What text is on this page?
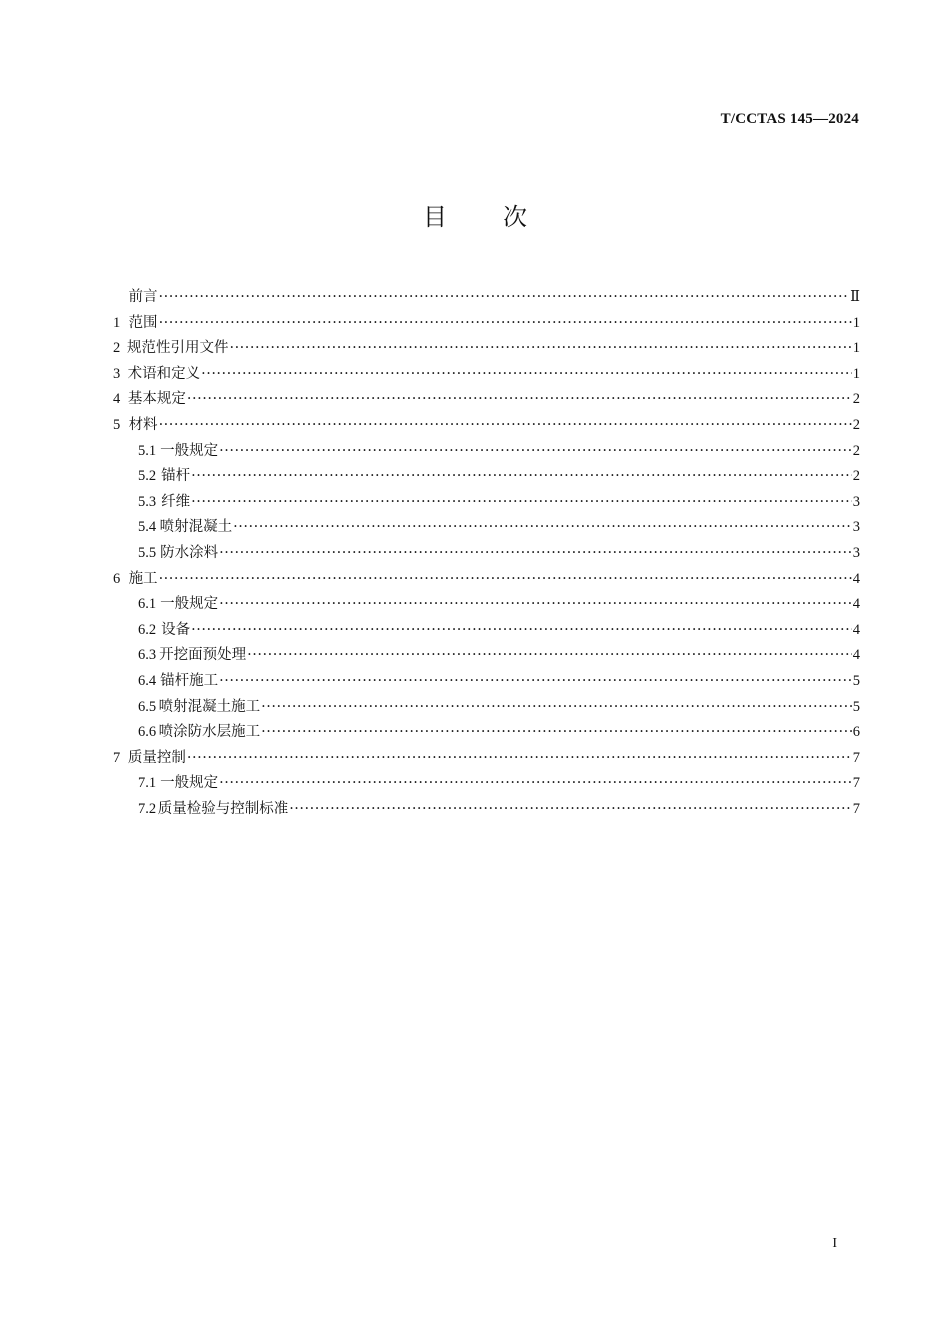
T/CCTAS 145—2024
目 次
前言 ·····	Ⅱ
1 范围 ·····	1
2 规范性引用文件 ·····	1
3 术语和定义 ·····	1
4 基本规定 ·····	2
5 材料 ·····	2
5.1 一般规定 ·····	2
5.2 锚杆 ·····	2
5.3 纤维 ·····	3
5.4 喷射混凝土 ·····	3
5.5 防水涂料 ·····	3
6 施工 ·····	4
6.1 一般规定 ·····	4
6.2 设备 ·····	4
6.3 开挖面预处理 ·····	4
6.4 锚杆施工 ·····	5
6.5 喷射混凝土施工 ·····	5
6.6 喷涂防水层施工 ·····	6
7 质量控制 ·····	7
7.1 一般规定 ·····	7
7.2 质量检验与控制标准 ·····	7
I
